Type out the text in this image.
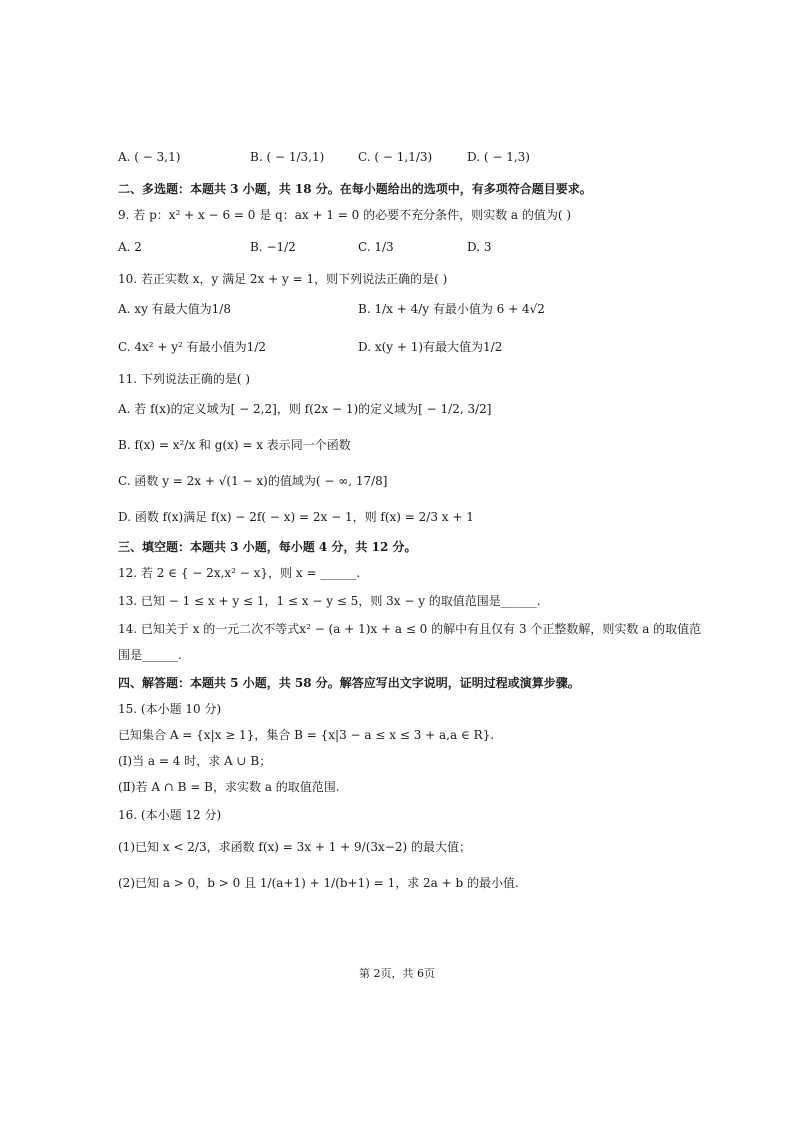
A. ( − 3,1)	B. ( − 1/3,1)	C. ( − 1,1/3)	D. ( − 1,3)
二、多选题：本题共 3 小题，共 18 分。在每小题给出的选项中，有多项符合题目要求。
9. 若 p：x² + x − 6 = 0 是 q：ax + 1 = 0 的必要不充分条件，则实数 a 的值为( )
A. 2	B. −1/2	C. 1/3	D. 3
10. 若正实数 x，y 满足 2x + y = 1，则下列说法正确的是( )
A. xy 有最大值为1/8	B. 1/x + 4/y 有最小值为 6 + 4√2
C. 4x² + y² 有最小值为1/2	D. x(y + 1)有最大值为1/2
11. 下列说法正确的是( )
A. 若 f(x)的定义域为[ − 2,2]，则 f(2x − 1)的定义域为[ − 1/2, 3/2]
B. f(x) = x²/x 和 g(x) = x 表示同一个函数
C. 函数 y = 2x + √(1 − x)的值域为( − ∞, 17/8]
D. 函数 f(x)满足 f(x) − 2f( − x) = 2x − 1，则 f(x) = 2/3 x + 1
三、填空题：本题共 3 小题，每小题 4 分，共 12 分。
12. 若 2 ∈ { − 2x,x² − x}，则 x = ______.
13. 已知 − 1 ≤ x + y ≤ 1，1 ≤ x − y ≤ 5，则 3x − y 的取值范围是______.
14. 已知关于 x 的一元二次不等式x² − (a + 1)x + a ≤ 0 的解中有且仅有 3 个正整数解，则实数 a 的取值范
围是______.
四、解答题：本题共 5 小题，共 58 分。解答应写出文字说明，证明过程或演算步骤。
15. (本小题 10 分)
已知集合 A = {x|x ≥ 1}，集合 B = {x|3 − a ≤ x ≤ 3 + a,a ∈ R}.
(Ⅰ)当 a = 4 时，求 A ∪ B；
(Ⅱ)若 A ∩ B = B，求实数 a 的取值范围.
16. (本小题 12 分)
(1)已知 x < 2/3，求函数 f(x) = 3x + 1 + 9/(3x−2) 的最大值；
(2)已知 a > 0，b > 0 且 1/(a+1) + 1/(b+1) = 1，求 2a + b 的最小值.
第 2页，共 6页
